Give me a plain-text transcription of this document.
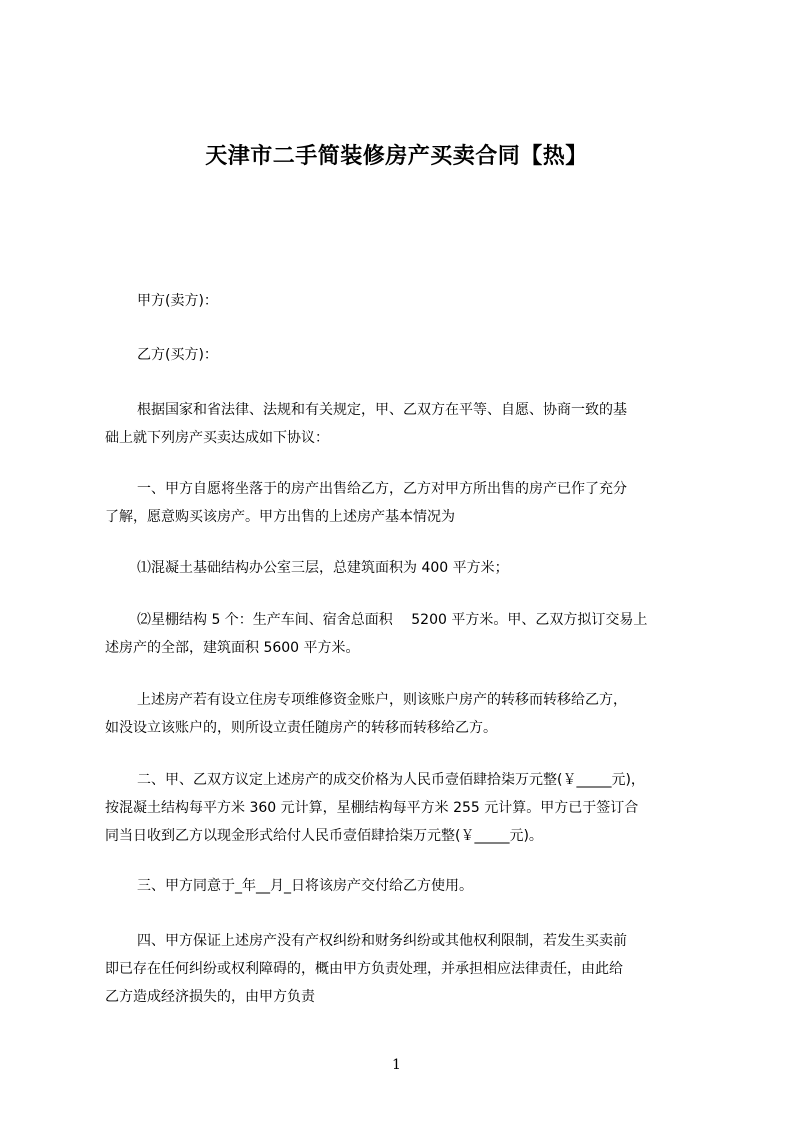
天津市二手简装修房产买卖合同【热】
甲方(卖方)：
乙方(买方)：
根据国家和省法律、法规和有关规定，甲、乙双方在平等、自愿、协商一致的基
础上就下列房产买卖达成如下协议：
一、甲方自愿将坐落于的房产出售给乙方，乙方对甲方所出售的房产已作了充分
了解，愿意购买该房产。甲方出售的上述房产基本情况为
⑴混凝土基础结构办公室三层，总建筑面积为 400 平方米；
⑵星棚结构 5 个：生产车间、宿舍总面积　 5200 平方米。甲、乙双方拟订交易上
述房产的全部，建筑面积 5600 平方米。
上述房产若有设立住房专项维修资金账户，则该账户房产的转移而转移给乙方，
如没设立该账户的，则所设立责任随房产的转移而转移给乙方。
二、甲、乙双方议定上述房产的成交价格为人民币壹佰肆拾柒万元整(￥_____元)，
按混凝土结构每平方米 360 元计算，星棚结构每平方米 255 元计算。甲方已于签订合
同当日收到乙方以现金形式给付人民币壹佰肆拾柒万元整(￥_____元)。
三、甲方同意于_年__月_日将该房产交付给乙方使用。
四、甲方保证上述房产没有产权纠纷和财务纠纷或其他权利限制，若发生买卖前
即已存在任何纠纷或权利障碍的，概由甲方负责处理，并承担相应法律责任，由此给
乙方造成经济损失的，由甲方负责
1
